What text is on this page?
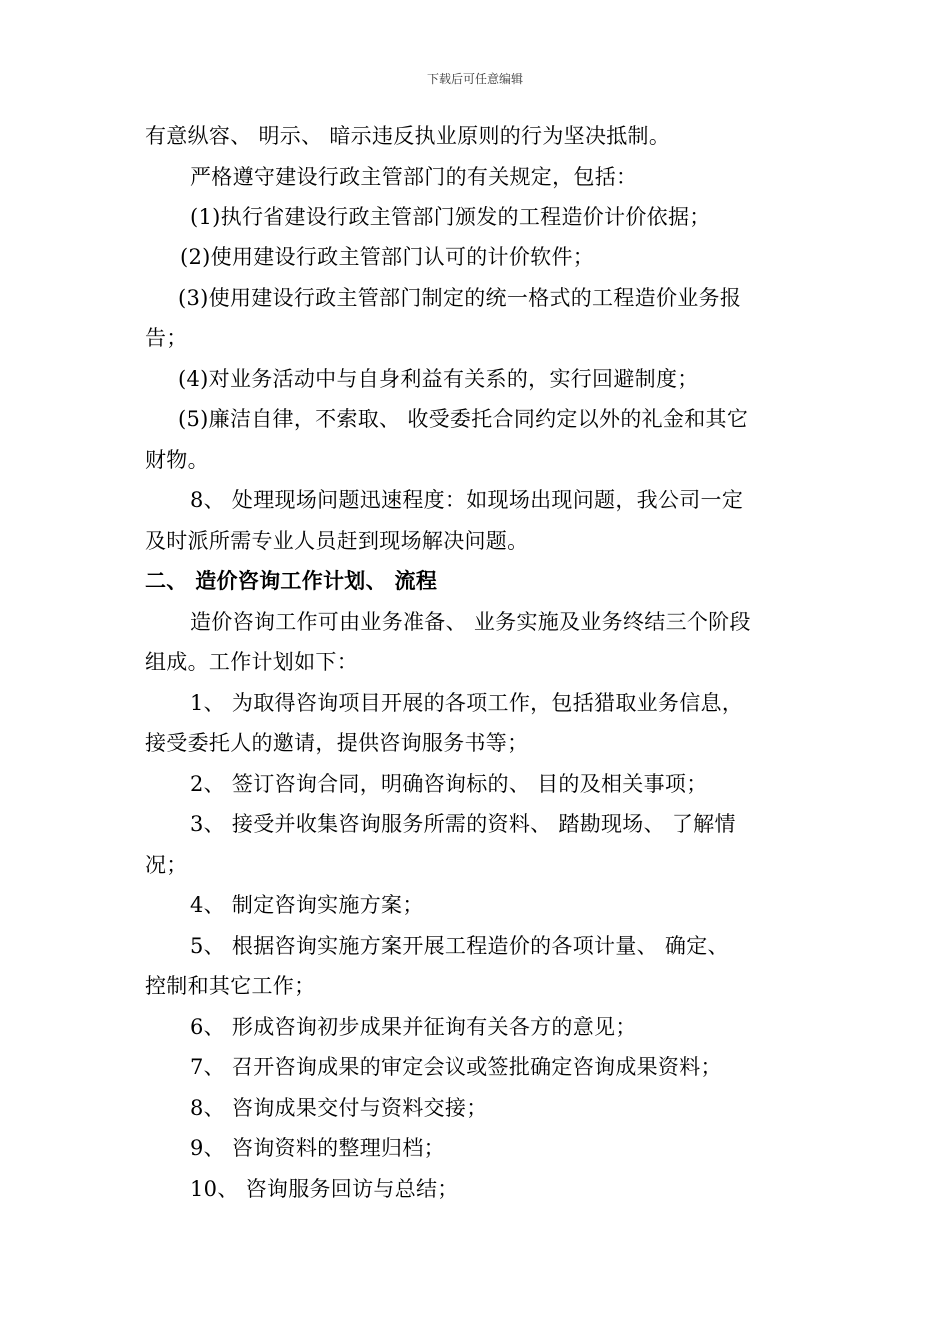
下载后可任意编辑
有意纵容、 明示、 暗示违反执业原则的行为坚决抵制。
严格遵守建设行政主管部门的有关规定，包括：
(1)执行省建设行政主管部门颁发的工程造价计价依据；
(2)使用建设行政主管部门认可的计价软件；
(3)使用建设行政主管部门制定的统一格式的工程造价业务报
告；
(4)对业务活动中与自身利益有关系的，实行回避制度；
(5)廉洁自律，不索取、 收受委托合同约定以外的礼金和其它
财物。
8、 处理现场问题迅速程度：如现场出现问题，我公司一定
及时派所需专业人员赶到现场解决问题。
二、 造价咨询工作计划、 流程
造价咨询工作可由业务准备、 业务实施及业务终结三个阶段
组成。工作计划如下：
1、 为取得咨询项目开展的各项工作，包括猎取业务信息，
接受委托人的邀请，提供咨询服务书等；
2、 签订咨询合同，明确咨询标的、 目的及相关事项；
3、 接受并收集咨询服务所需的资料、 踏勘现场、 了解情
况；
4、 制定咨询实施方案；
5、 根据咨询实施方案开展工程造价的各项计量、 确定、
控制和其它工作；
6、 形成咨询初步成果并征询有关各方的意见；
7、 召开咨询成果的审定会议或签批确定咨询成果资料；
8、 咨询成果交付与资料交接；
9、 咨询资料的整理归档；
10、 咨询服务回访与总结；
